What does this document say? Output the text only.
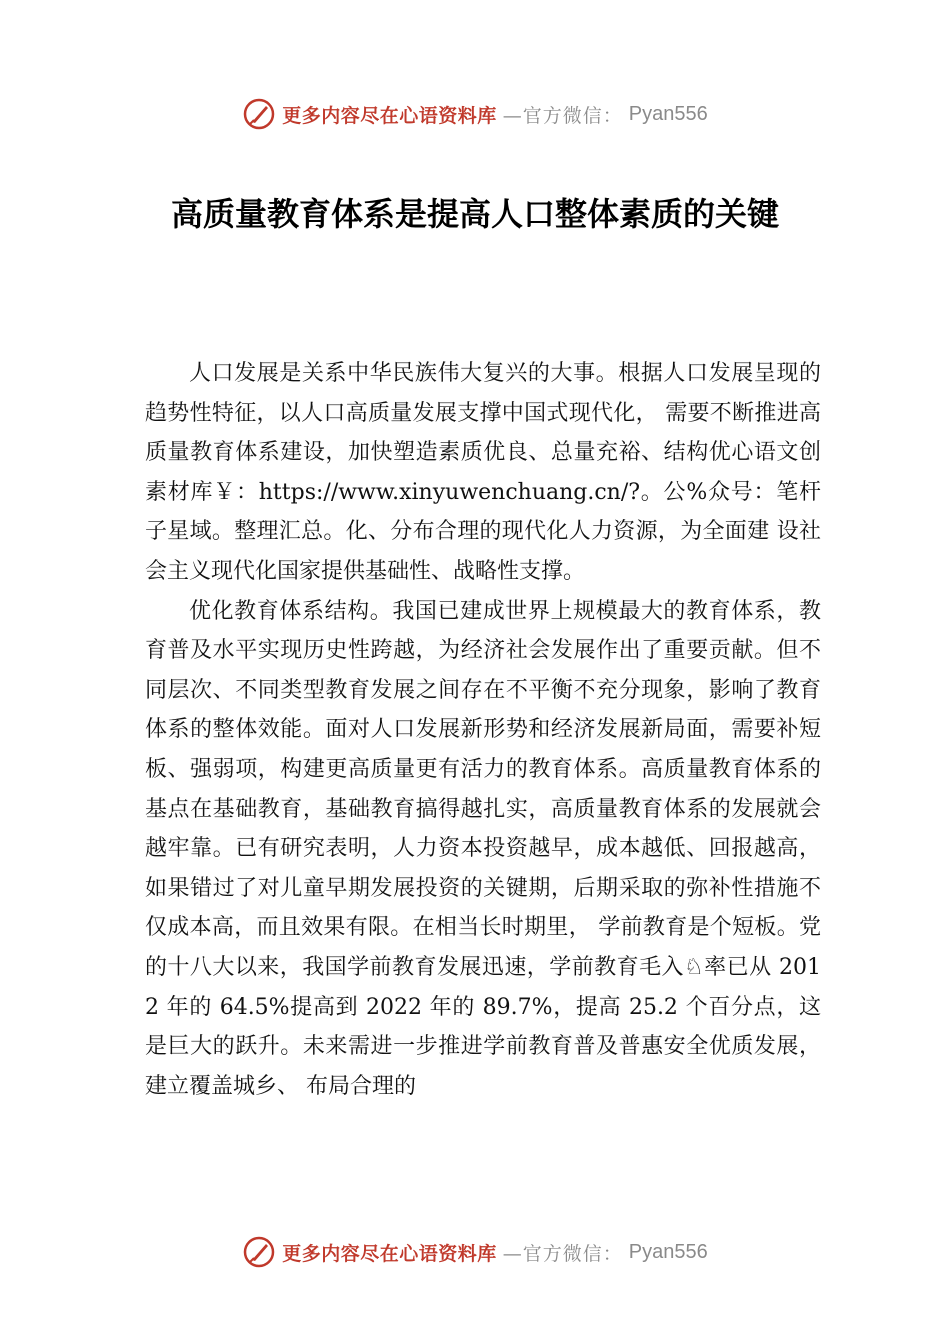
更多内容尽在心语资料库 —官方微信： Pyan556
高质量教育体系是提高人口整体素质的关键

人口发展是关系中华民族伟大复兴的大事。根据人口发展呈现的趋势性特征，以人口高质量发展支撑中国式现代化， 需要不断推进高质量教育体系建设，加快塑造素质优良、总量充裕、结构优心语文创素材库￥：https://www.xinyuwenchuang.cn/?。公%众号：笔杆子星域。整理汇总。化、分布合理的现代化人力资源，为全面建 设社会主义现代化国家提供基础性、战略性支撑。

优化教育体系结构。我国已建成世界上规模最大的教育体系，教育普及水平实现历史性跨越，为经济社会发展作出了重要贡献。但不同层次、不同类型教育发展之间存在不平衡不充分现象，影响了教育体系的整体效能。面对人口发展新形势和经济发展新局面，需要补短板、强弱项，构建更高质量更有活力的教育体系。高质量教育体系的基点在基础教育，基础教育搞得越扎实，高质量教育体系的发展就会越牢靠。已有研究表明，人力资本投资越早，成本越低、回报越高，如果错过了对儿童早期发展投资的关键期，后期采取的弥补性措施不仅成本高，而且效果有限。在相当长时期里， 学前教育是个短板。党的十八大以来，我国学前教育发展迅速，学前教育毛入♘率已从 2012 年的 64.5%提高到 2022 年的 89.7%，提高 25.2 个百分点，这是巨大的跃升。未来需进一步推进学前教育普及普惠安全优质发展，建立覆盖城乡、 布局合理的

更多内容尽在心语资料库 —官方微信： Pyan556
